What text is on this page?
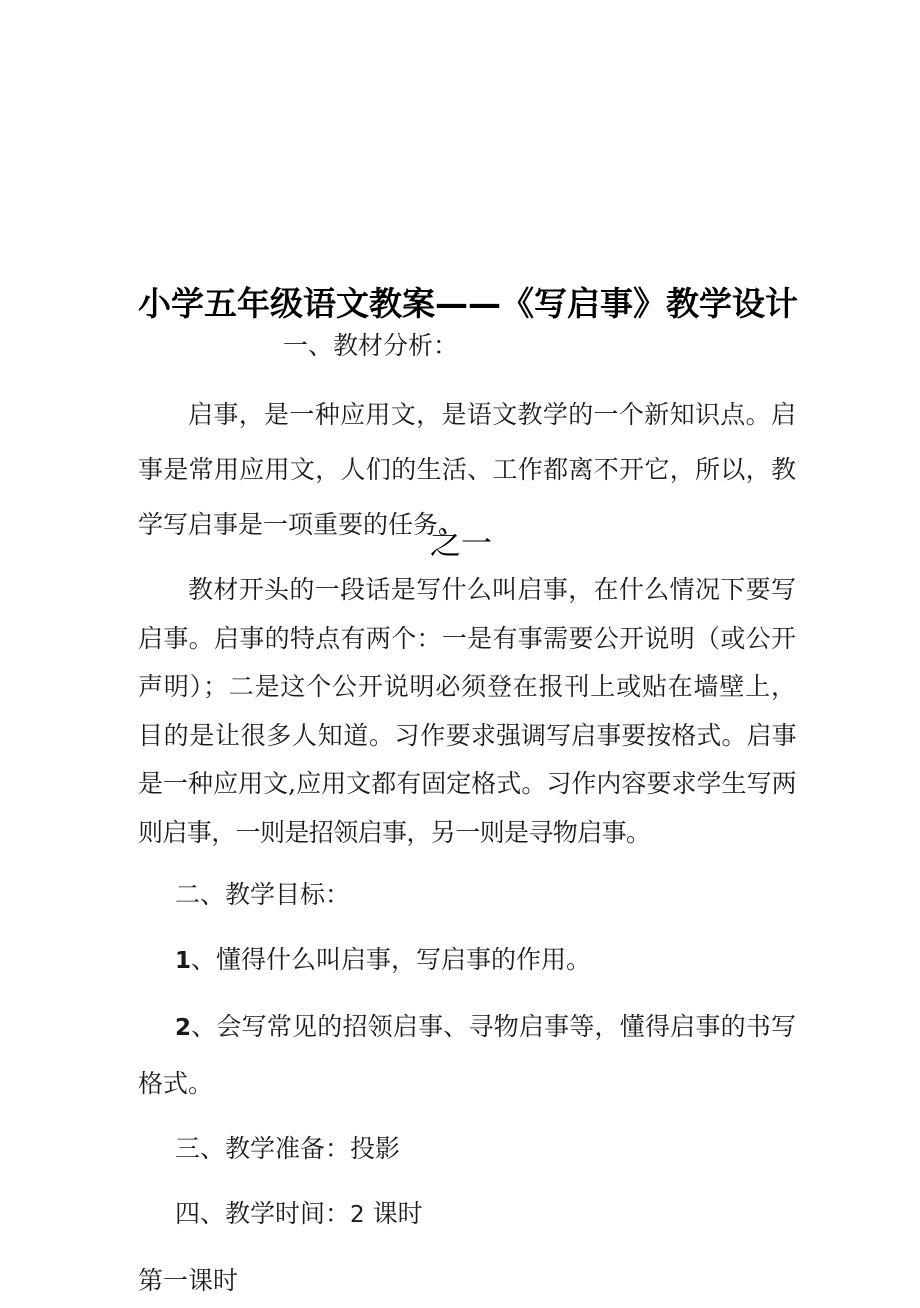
小学五年级语文教案——《写启事》教学设计

之一

一、教材分析：

启事，是一种应用文，是语文教学的一个新知识点。启事是常用应用文，人们的生活、工作都离不开它，所以，教学写启事是一项重要的任务。

教材开头的一段话是写什么叫启事，在什么情况下要写启事。启事的特点有两个：一是有事需要公开说明（或公开声明）；二是这个公开说明必须登在报刊上或贴在墙壁上，目的是让很多人知道。习作要求强调写启事要按格式。启事是一种应用文,应用文都有固定格式。习作内容要求学生写两则启事，一则是招领启事，另一则是寻物启事。

二、教学目标：

1、懂得什么叫启事，写启事的作用。

2、会写常见的招领启事、寻物启事等，懂得启事的书写格式。

三、教学准备：投影

四、教学时间：2 课时

第一课时
